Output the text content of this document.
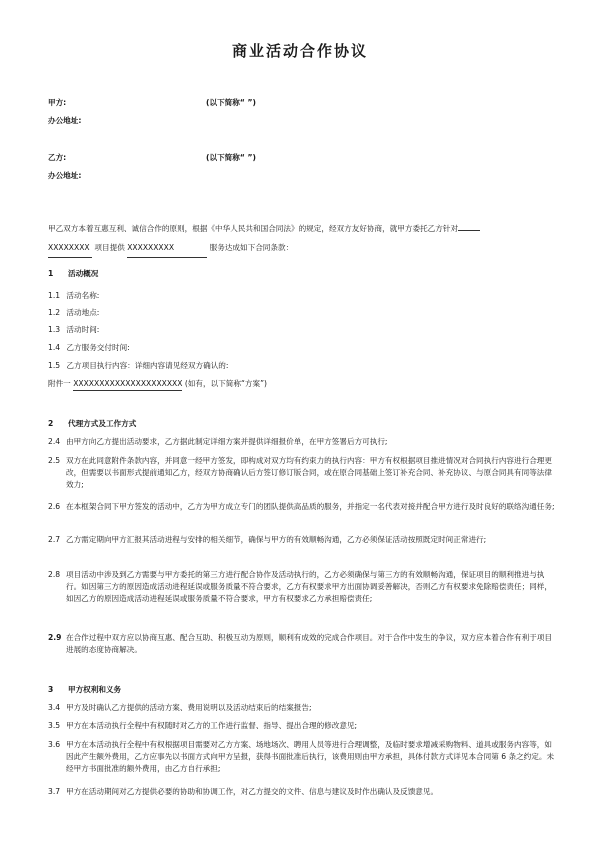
商业活动合作协议
甲方:	(以下简称“ ”)
办公地址:
乙方:	(以下简称“ ”)
办公地址:
甲乙双方本着互惠互利、诚信合作的原则，根据《中华人民共和国合同法》的规定，经双方友好协商，就甲方委托乙方针对
XXXXXXXX 项目提供 XXXXXXXXX	服务达成如下合同条款：
1 活动概况
1.1 活动名称:
1.2 活动地点:
1.3 活动时间:
1.4 乙方服务交付时间:
1.5 乙方项目执行内容：详细内容请见经双方确认的:
附件一 XXXXXXXXXXXXXXXXXXXXX (如有，以下简称“方案”)
2 代理方式及工作方式
2.4 由甲方向乙方提出活动要求，乙方据此制定详细方案并提供详细报价单，在甲方签署后方可执行;
2.5 双方在此同意附件条款内容，并同意一经甲方签发，即构成对双方均有约束力的执行内容：甲方有权根据项目推进情况对合同执行内容进行合理更改，但需要以书面形式提前通知乙方，经双方协商确认后方签订修订版合同，或在原合同基础上签订补充合同、补充协议、与原合同具有同等法律效力;
2.6 在本框架合同下甲方签发的活动中，乙方为甲方成立专门的团队提供高品质的服务，并指定一名代表对接并配合甲方进行及时良好的联络沟通任务;
2.7 乙方需定期向甲方汇报其活动进程与安排的相关细节，确保与甲方的有效顺畅沟通，乙方必须保证活动按照既定时间正常进行;
2.8 项目活动中涉及到乙方需要与甲方委托的第三方进行配合协作及活动执行的，乙方必须确保与第三方的有效顺畅沟通，保证项目的顺利推进与执行。如因第三方的原因造成活动进程延误或服务质量不符合要求，乙方有权要求甲方出面协调妥善解决，否则乙方有权要求免除赔偿责任；同样，如因乙方的原因造成活动进程延误或服务质量不符合要求，甲方有权要求乙方承担赔偿责任;
2.9 在合作过程中双方应以协商互惠、配合互助、积极互动为原则，顺利有成效的完成合作项目。对于合作中发生的争议，双方应本着合作有利于项目进展的态度协商解决。
3 甲方权利和义务
3.4 甲方及时确认乙方提供的活动方案、费用说明以及活动结束后的结案报告;
3.5 甲方在本活动执行全程中有权随时对乙方的工作进行监督、指导、提出合理的修改意见;
3.6 甲方在本活动执行全程中有权根据项目需要对乙方方案、场地场次、聘用人员等进行合理调整，及临时要求增减采购物料、道具或服务内容等，如因此产生额外费用，乙方应事先以书面方式向甲方呈报，获得书面批准后执行，该费用则由甲方承担，具体付款方式详见本合同第 6 条之约定。未经甲方书面批准的额外费用，由乙方自行承担;
3.7 甲方在活动期间对乙方提供必要的协助和协调工作，对乙方提交的文件、信息与建议及时作出确认及反馈意见。
